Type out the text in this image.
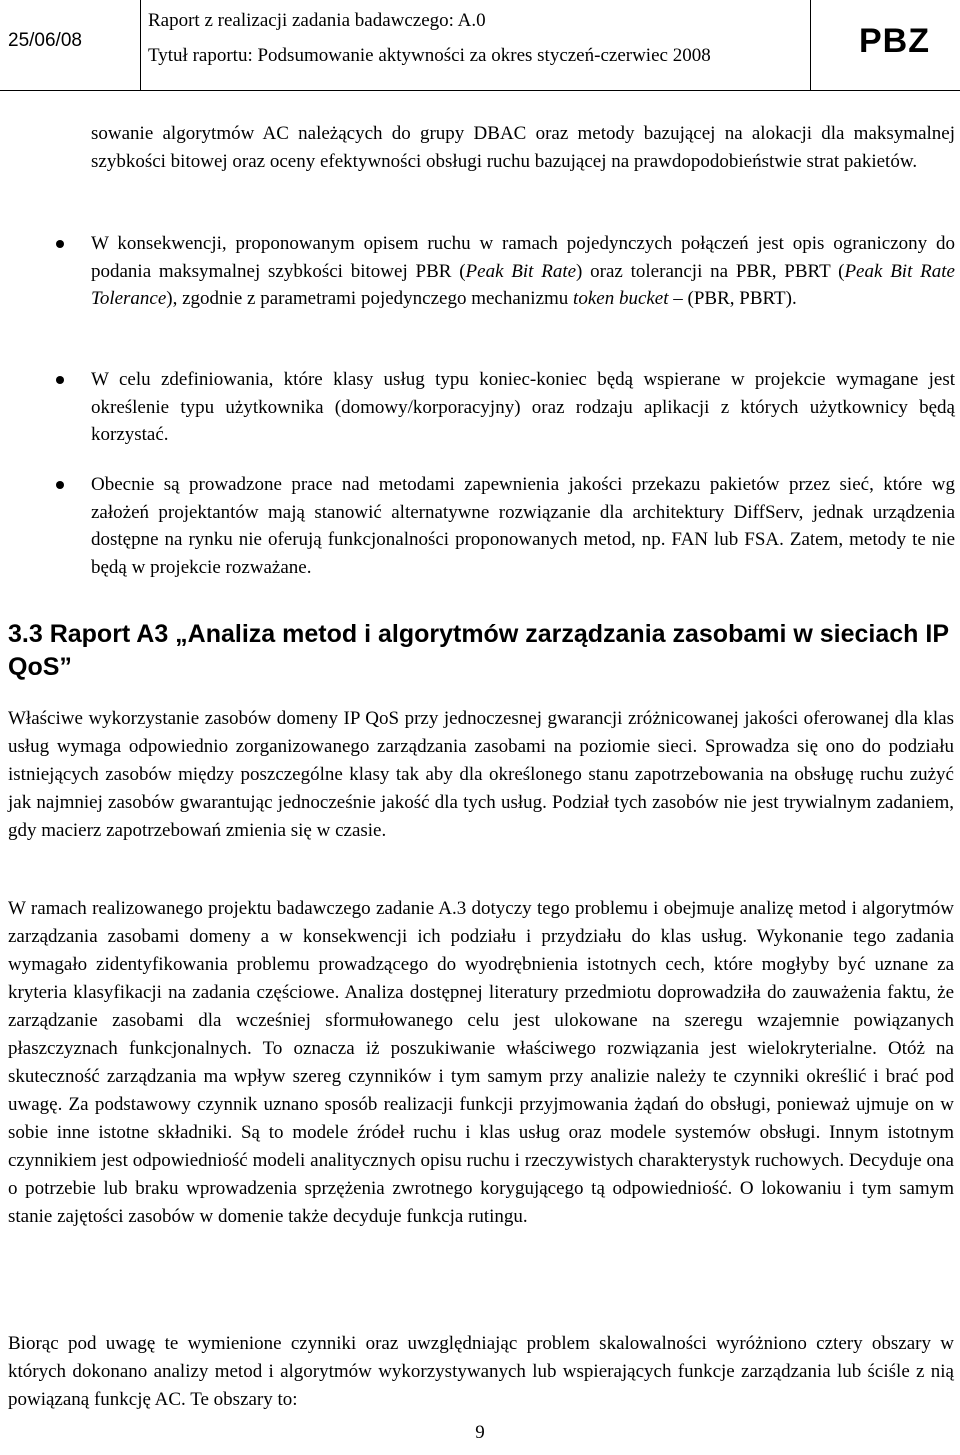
25/06/08
Raport z realizacji zadania badawczego: A.0
Tytuł raportu: Podsumowanie aktywności za okres styczeń-czerwiec 2008	PBZ
sowanie algorytmów AC należących do grupy DBAC oraz metody bazującej na alokacji dla maksymalnej szybkości bitowej oraz oceny efektywności obsługi ruchu bazującej na prawdopodobieństwie strat pakietów.
W konsekwencji, proponowanym opisem ruchu w ramach pojedynczych połączeń jest opis ograniczony do podania maksymalnej szybkości bitowej PBR (Peak Bit Rate) oraz tolerancji na PBR, PBRT (Peak Bit Rate Tolerance), zgodnie z parametrami pojedynczego mechanizmu token bucket – (PBR, PBRT).
W celu zdefiniowania, które klasy usług typu koniec-koniec będą wspierane w projekcie wymagane jest określenie typu użytkownika (domowy/korporacyjny) oraz rodzaju aplikacji z których użytkownicy będą korzystać.
Obecnie są prowadzone prace nad metodami zapewnienia jakości przekazu pakietów przez sieć, które wg założeń projektantów mają stanowić alternatywne rozwiązanie dla architektury DiffServ, jednak urządzenia dostępne na rynku nie oferują funkcjonalności proponowanych metod, np. FAN lub FSA. Zatem, metody te nie będą w projekcie rozważane.
3.3 Raport A3 „Analiza metod i algorytmów zarządzania zasobami w sieciach IP QoS”
Właściwe wykorzystanie zasobów domeny IP QoS przy jednoczesnej gwarancji zróżnicowanej jakości oferowanej dla klas usług wymaga odpowiednio zorganizowanego zarządzania zasobami na poziomie sieci. Sprowadza się ono do podziału istniejących zasobów między poszczególne klasy tak aby dla określonego stanu zapotrzebowania na obsługę ruchu zużyć jak najmniej zasobów gwarantując jednocześnie jakość dla tych usług. Podział tych zasobów nie jest trywialnym zadaniem, gdy macierz zapotrzebowań zmienia się w czasie.
W ramach realizowanego projektu badawczego zadanie A.3 dotyczy tego problemu i obejmuje analizę metod i algorytmów zarządzania zasobami domeny a w konsekwencji ich podziału i przydziału do klas usług. Wykonanie tego zadania wymagało zidentyfikowania problemu prowadzącego do wyodrębnienia istotnych cech, które mogłyby być uznane za kryteria klasyfikacji na zadania częściowe. Analiza dostępnej literatury przedmiotu doprowadziła do zauważenia faktu, że zarządzanie zasobami dla wcześniej sformułowanego celu jest ulokowane na szeregu wzajemnie powiązanych płaszczyznach funkcjonalnych. To oznacza iż poszukiwanie właściwego rozwiązania jest wielokryterialne. Otóż na skuteczność zarządzania ma wpływ szereg czynników i tym samym przy analizie należy te czynniki określić i brać pod uwagę. Za podstawowy czynnik uznano sposób realizacji funkcji przyjmowania żądań do obsługi, ponieważ ujmuje on w sobie inne istotne składniki. Są to modele źródeł ruchu i klas usług oraz modele systemów obsługi. Innym istotnym czynnikiem jest odpowiedniość modeli analitycznych opisu ruchu i rzeczywistych charakterystyk ruchowych. Decyduje ona o potrzebie lub braku wprowadzenia sprzężenia zwrotnego korygującego tą odpowiedniość. O lokowaniu i tym samym stanie zajętości zasobów w domenie także decyduje funkcja rutingu.
Biorąc pod uwagę te wymienione czynniki oraz uwzględniając problem skalowalności wyróżniono cztery obszary w których dokonano analizy metod i algorytmów wykorzystywanych lub wspierających funkcje zarządzania lub ściśle z nią powiązaną funkcję AC. Te obszary to:
9
